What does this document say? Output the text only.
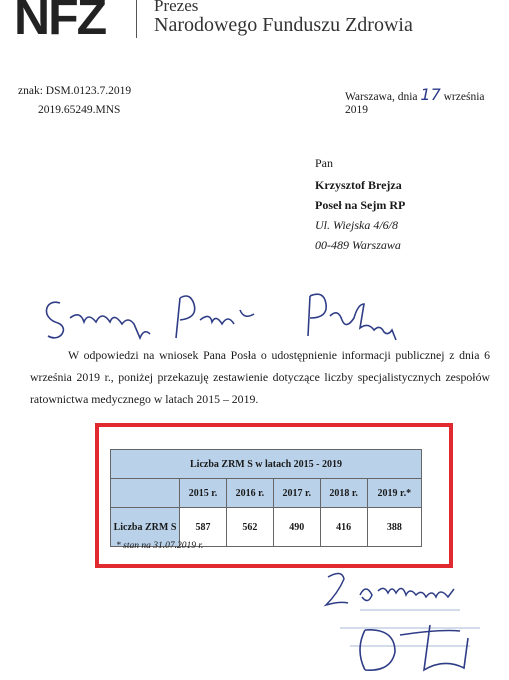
NFZ	Prezes
Narodowego Funduszu Zdrowia
znak: DSM.0123.7.2019
2019.65249.MNS
Warszawa, dnia 17 września 2019
Pan
Krzysztof Brejza
Poseł na Sejm RP
Ul. Wiejska 4/6/8
00-489 Warszawa

W odpowiedzi na wniosek Pana Posła o udostępnienie informacji publicznej z dnia 6 września 2019 r., poniżej przekazuję zestawienie dotyczące liczby specjalistycznych zespołów ratownictwa medycznego w latach 2015 – 2019.

Liczba ZRM S w latach 2015 - 2019					
	2015 r.	2016 r.	2017 r.	2018 r.	2019 r.*
Liczba ZRM S	587	562	490	416	388
* stan na 31.07.2019 r.
